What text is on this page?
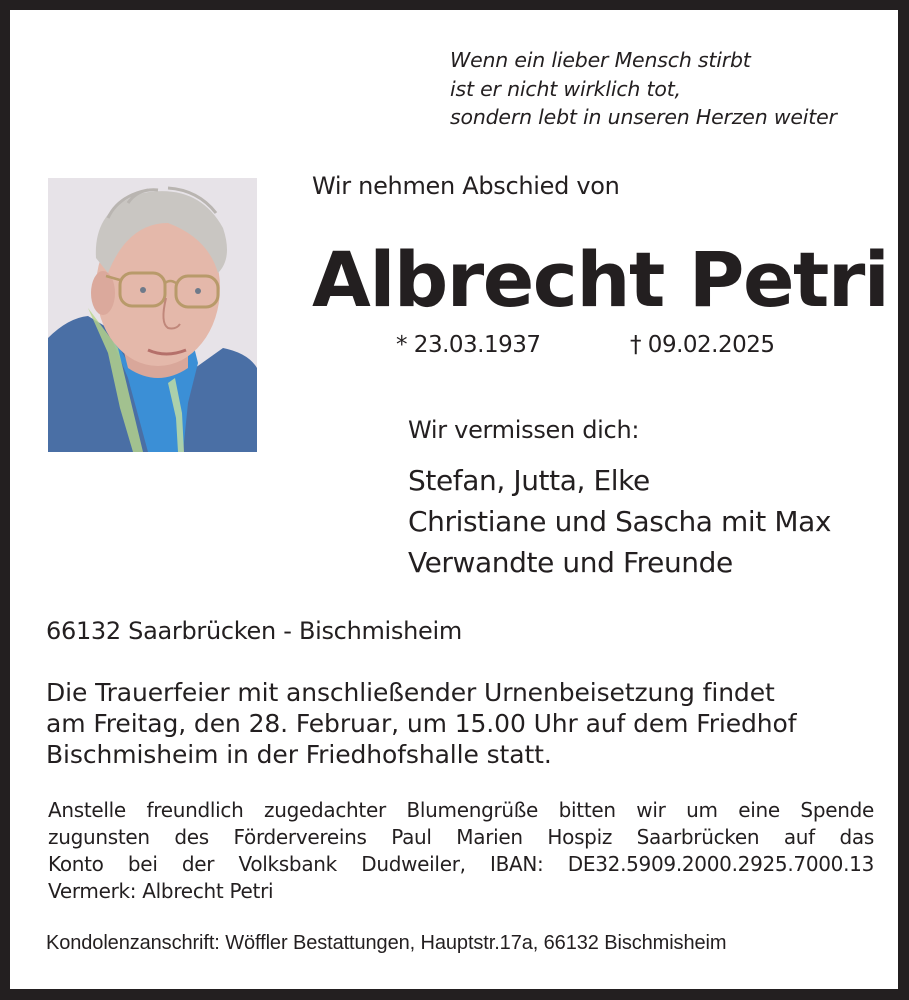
Wenn ein lieber Mensch stirbt
ist er nicht wirklich tot,
sondern lebt in unseren Herzen weiter
Wir nehmen Abschied von
Albrecht Petri
* 23.03.1937	† 09.02.2025
Wir vermissen dich:
Stefan, Jutta, Elke
Christiane und Sascha mit Max
Verwandte und Freunde
66132 Saarbrücken - Bischmisheim
Die Trauerfeier mit anschließender Urnenbeisetzung findet
am Freitag, den 28. Februar, um 15.00 Uhr auf dem Friedhof
Bischmisheim in der Friedhofshalle statt.
Anstelle freundlich zugedachter Blumengrüße bitten wir um eine Spende
zugunsten des Fördervereins Paul Marien Hospiz Saarbrücken auf das
Konto bei der Volksbank Dudweiler, IBAN: DE32.5909.2000.2925.7000.13
Vermerk: Albrecht Petri
Kondolenzanschrift: Wöffler Bestattungen, Hauptstr.17a, 66132 Bischmisheim
